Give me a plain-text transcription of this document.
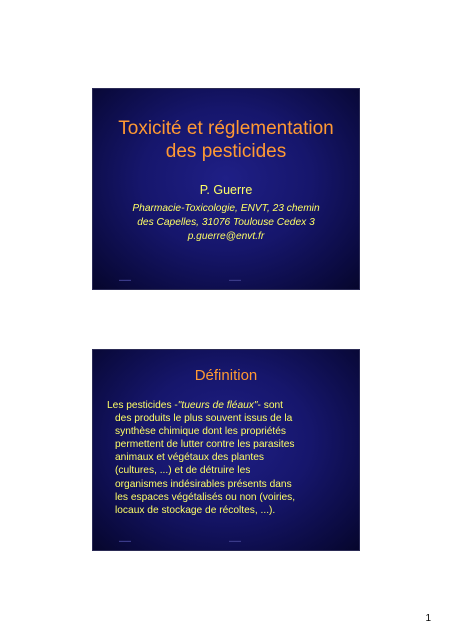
Toxicité et réglementation
des pesticides
P. Guerre
Pharmacie-Toxicologie, ENVT, 23 chemin
des Capelles, 31076 Toulouse Cedex 3
p.guerre@envt.fr
▬▬▬	▬▬▬
Définition
Les pesticides -"tueurs de fléaux"- sont
des produits le plus souvent issus de la
synthèse chimique dont les propriétés
permettent de lutter contre les parasites
animaux et végétaux des plantes
(cultures, ...) et de détruire les
organismes indésirables présents dans
les espaces végétalisés ou non (voiries,
locaux de stockage de récoltes, ...).
▬▬▬	▬▬▬
1
